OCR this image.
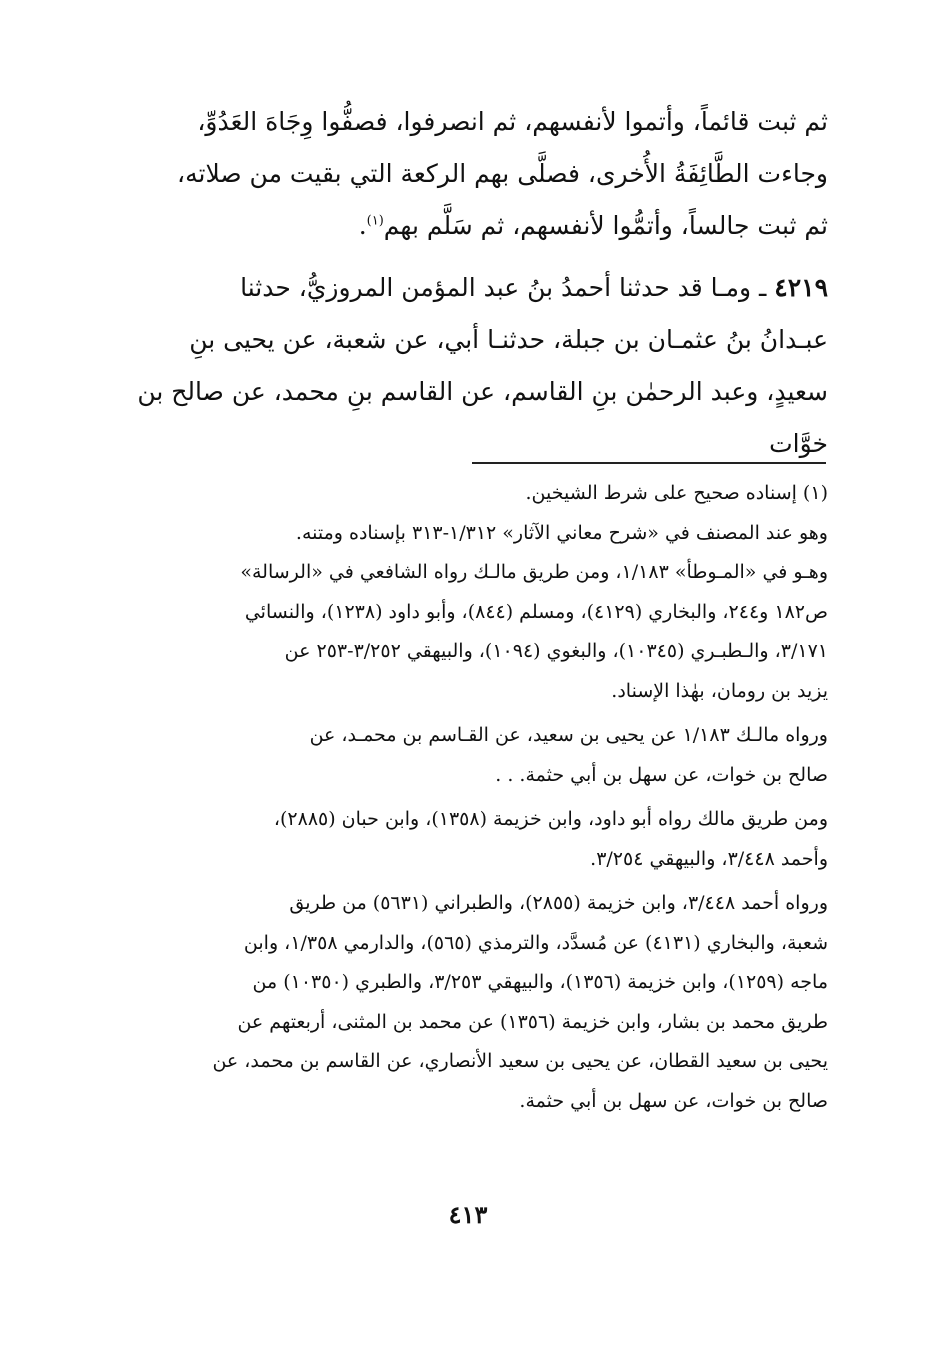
ثم ثبت قائماً، وأتموا لأنفسهم، ثم انصرفوا، فصفُّوا وِجَاهَ العَدُوِّ،

وجاءت الطَّائِفَةُ الأُخرى، فصلَّى بهم الركعة التي بقيت من صلاته،

ثم ثبت جالساً، وأتمُّوا لأنفسهم، ثم سَلَّم بهم$^{(١)}$.

٤٢١٩ ـ ومـا قد حدثنا أحمدُ بنُ عبد المؤمن المروزيُّ، حدثنا

عبـدانُ بنُ عثمـان بن جبلة، حدثنـا أبي، عن شعبة، عن يحيى بنِ

سعيدٍ، وعبد الرحمٰن بنِ القاسم، عن القاسم بنِ محمد، عن صالح بن

خوَّات

(١) إسناده صحيح على شرط الشيخين.

وهو عند المصنف في «شرح معاني الآثار» ١/٣١٢-٣١٣ بإسناده ومتنه.

وهـو في «المـوطأ» ١/١٨٣، ومن طريق مالـك رواه الشافعي في «الرسالة»

ص١٨٢ و٢٤٤، والبخاري (٤١٢٩)، ومسلم (٨٤٤)، وأبو داود (١٢٣٨)، والنسائي

٣/١٧١، والـطبـري (١٠٣٤٥)، والبغوي (١٠٩٤)، والبيهقي ٣/٢٥٢-٢٥٣ عن

يزيد بن رومان، بهٰذا الإسناد.

ورواه مالـك ١/١٨٣ عن يحيى بن سعيد، عن القـاسم بن محمـد، عن

صالح بن خوات، عن سهل بن أبي حثمة. . .

ومن طريق مالك رواه أبو داود، وابن خزيمة (١٣٥٨)، وابن حبان (٢٨٨٥)،

وأحمد ٣/٤٤٨، والبيهقي ٣/٢٥٤.

ورواه أحمد ٣/٤٤٨، وابن خزيمة (٢٨٥٥)، والطبراني (٥٦٣١) من طريق

شعبة، والبخاري (٤١٣١) عن مُسدَّد، والترمذي (٥٦٥)، والدارمي ١/٣٥٨، وابن

ماجه (١٢٥٩)، وابن خزيمة (١٣٥٦)، والبيهقي ٣/٢٥٣، والطبري (١٠٣٥٠) من

طريق محمد بن بشار، وابن خزيمة (١٣٥٦) عن محمد بن المثنى، أربعتهم عن

يحيى بن سعيد القطان، عن يحيى بن سعيد الأنصاري، عن القاسم بن محمد، عن

صالح بن خوات، عن سهل بن أبي حثمة.

٤١٣
